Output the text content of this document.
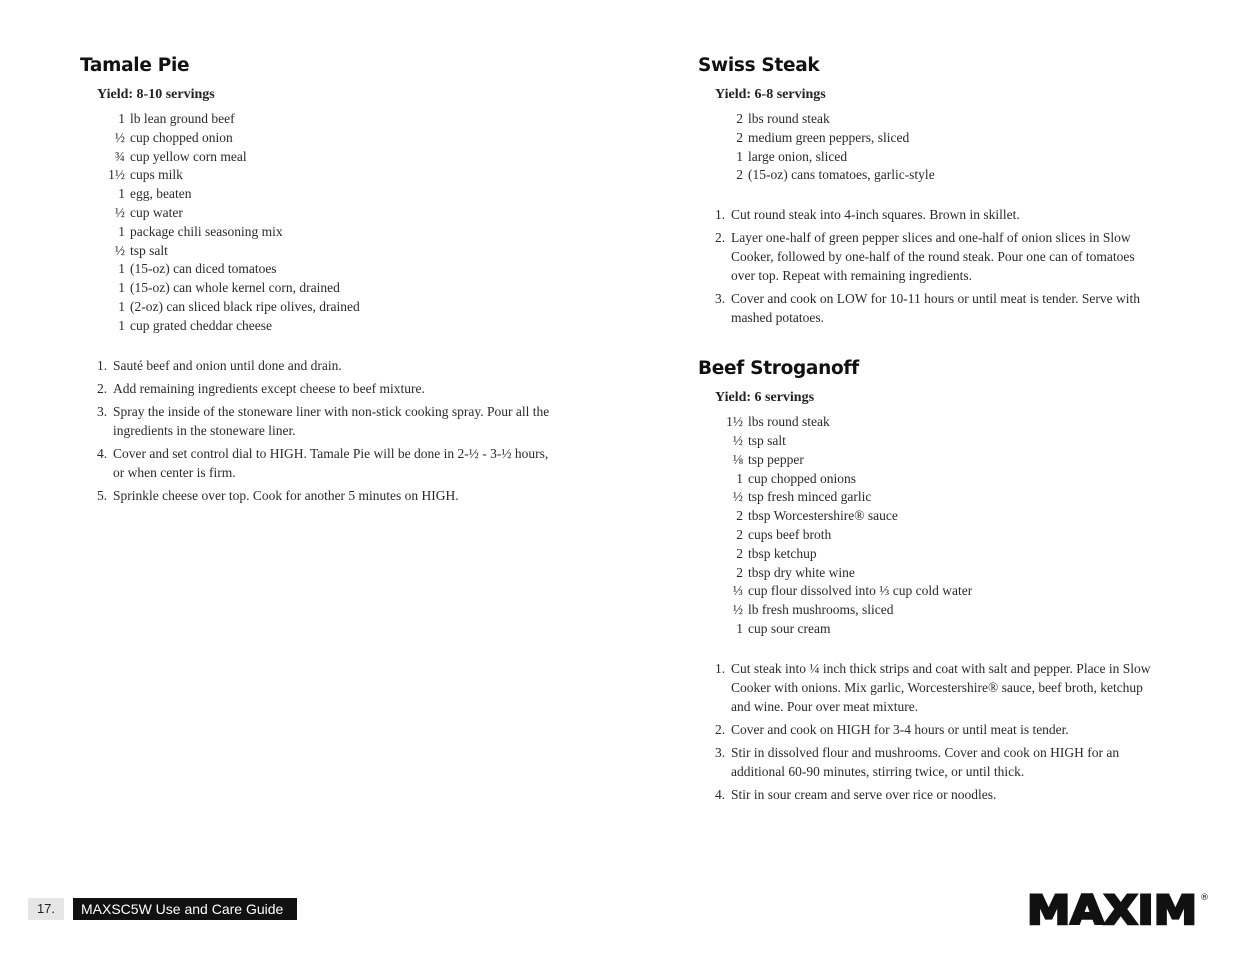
Tamale Pie
Yield: 8-10 servings
1 lb lean ground beef
½ cup chopped onion
¾ cup yellow corn meal
1½ cups milk
1 egg, beaten
½ cup water
1 package chili seasoning mix
½ tsp salt
1 (15-oz) can diced tomatoes
1 (15-oz) can whole kernel corn, drained
1 (2-oz) can sliced black ripe olives, drained
1 cup grated cheddar cheese
1. Sauté beef and onion until done and drain.
2. Add remaining ingredients except cheese to beef mixture.
3. Spray the inside of the stoneware liner with non-stick cooking spray. Pour all the ingredients in the stoneware liner.
4. Cover and set control dial to HIGH. Tamale Pie will be done in 2-½ - 3-½ hours, or when center is firm.
5. Sprinkle cheese over top. Cook for another 5 minutes on HIGH.
Swiss Steak
Yield: 6-8 servings
2 lbs round steak
2 medium green peppers, sliced
1 large onion, sliced
2 (15-oz) cans tomatoes, garlic-style
1. Cut round steak into 4-inch squares. Brown in skillet.
2. Layer one-half of green pepper slices and one-half of onion slices in Slow Cooker, followed by one-half of the round steak. Pour one can of tomatoes over top. Repeat with remaining ingredients.
3. Cover and cook on LOW for 10-11 hours or until meat is tender. Serve with mashed potatoes.
Beef Stroganoff
Yield: 6 servings
1½ lbs round steak
½ tsp salt
⅛ tsp pepper
1 cup chopped onions
½ tsp fresh minced garlic
2 tbsp Worcestershire® sauce
2 cups beef broth
2 tbsp ketchup
2 tbsp dry white wine
⅓ cup flour dissolved into ⅓ cup cold water
½ lb fresh mushrooms, sliced
1 cup sour cream
1. Cut steak into ¼ inch thick strips and coat with salt and pepper. Place in Slow Cooker with onions. Mix garlic, Worcestershire® sauce, beef broth, ketchup and wine. Pour over meat mixture.
2. Cover and cook on HIGH for 3-4 hours or until meat is tender.
3. Stir in dissolved flour and mushrooms. Cover and cook on HIGH for an additional 60-90 minutes, stirring twice, or until thick.
4. Stir in sour cream and serve over rice or noodles.
17.	MAXSC5W Use and Care Guide	MAXIM ®
